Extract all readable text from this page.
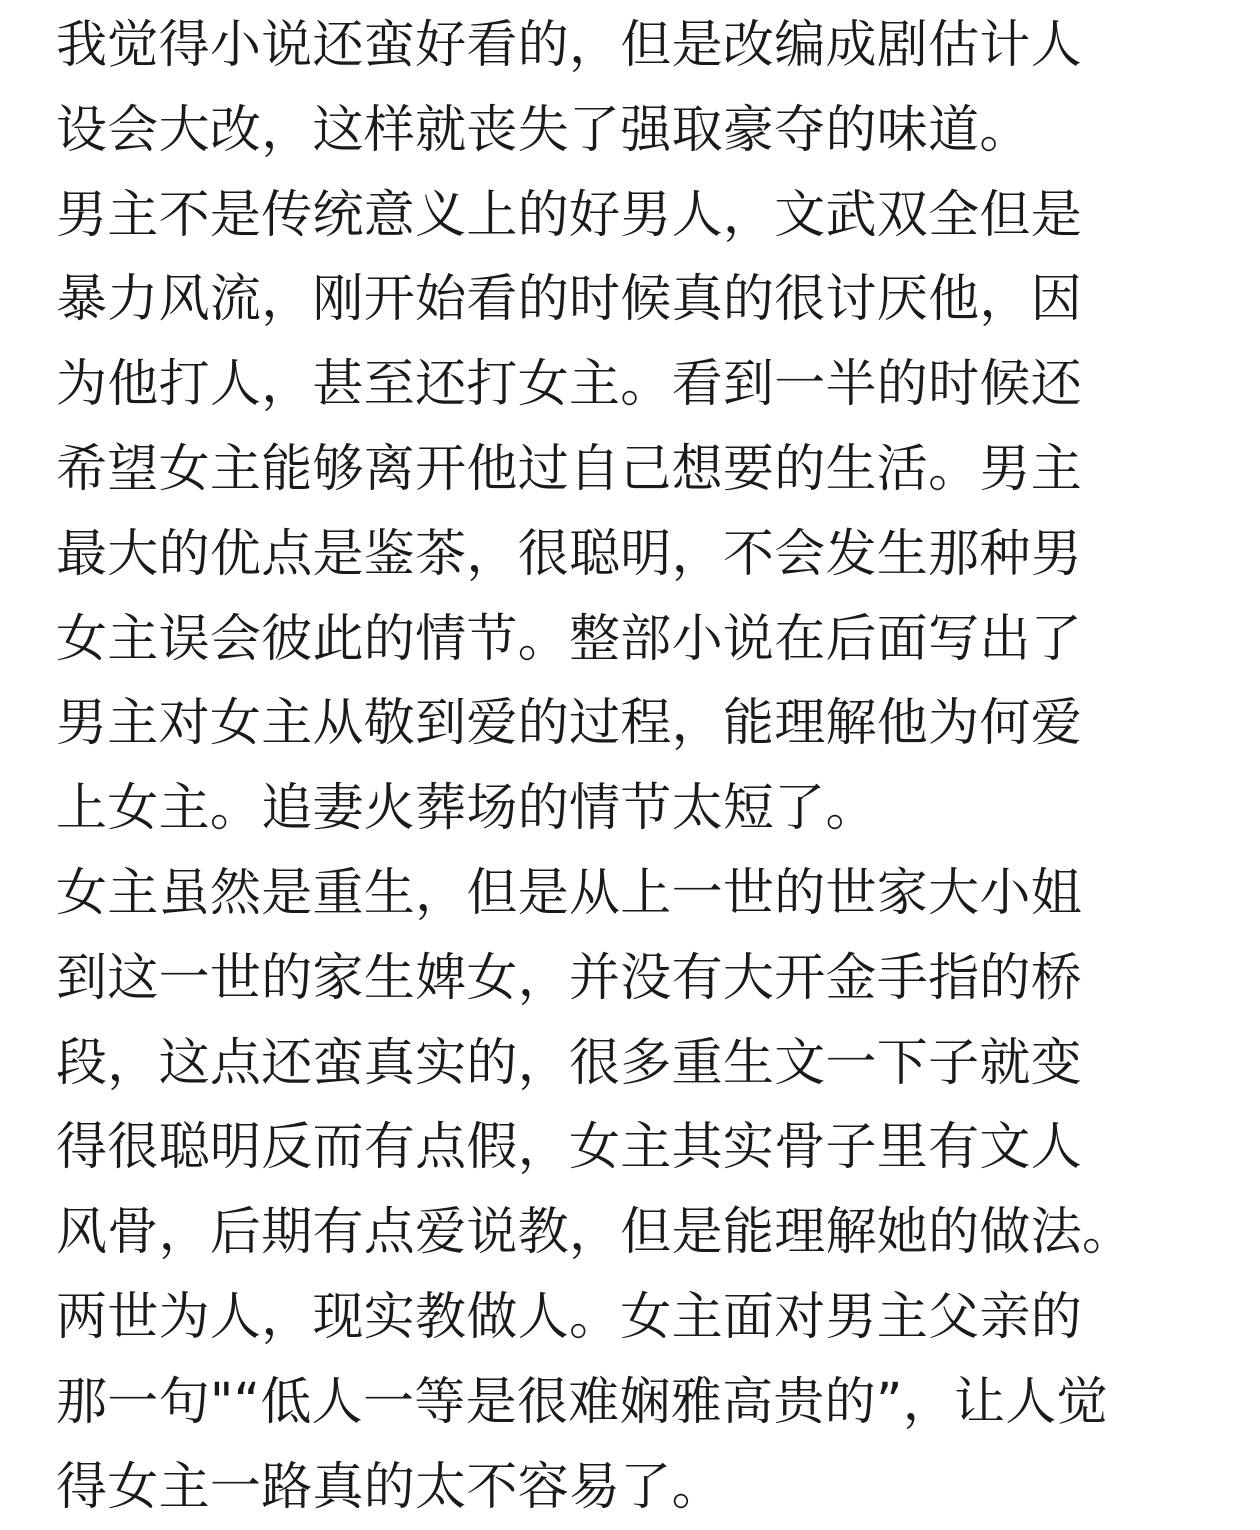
我觉得小说还蛮好看的，但是改编成剧估计人
设会大改，这样就丧失了强取豪夺的味道。
男主不是传统意义上的好男人，文武双全但是
暴力风流，刚开始看的时候真的很讨厌他，因
为他打人，甚至还打女主。看到一半的时候还
希望女主能够离开他过自己想要的生活。男主
最大的优点是鉴茶，很聪明，不会发生那种男
女主误会彼此的情节。整部小说在后面写出了
男主对女主从敬到爱的过程，能理解他为何爱
上女主。追妻火葬场的情节太短了。
女主虽然是重生，但是从上一世的世家大小姐
到这一世的家生婢女，并没有大开金手指的桥
段，这点还蛮真实的，很多重生文一下子就变
得很聪明反而有点假，女主其实骨子里有文人
风骨，后期有点爱说教，但是能理解她的做法。
两世为人，现实教做人。女主面对男主父亲的
那一句"“低人一等是很难娴雅高贵的”，让人觉
得女主一路真的太不容易了。
